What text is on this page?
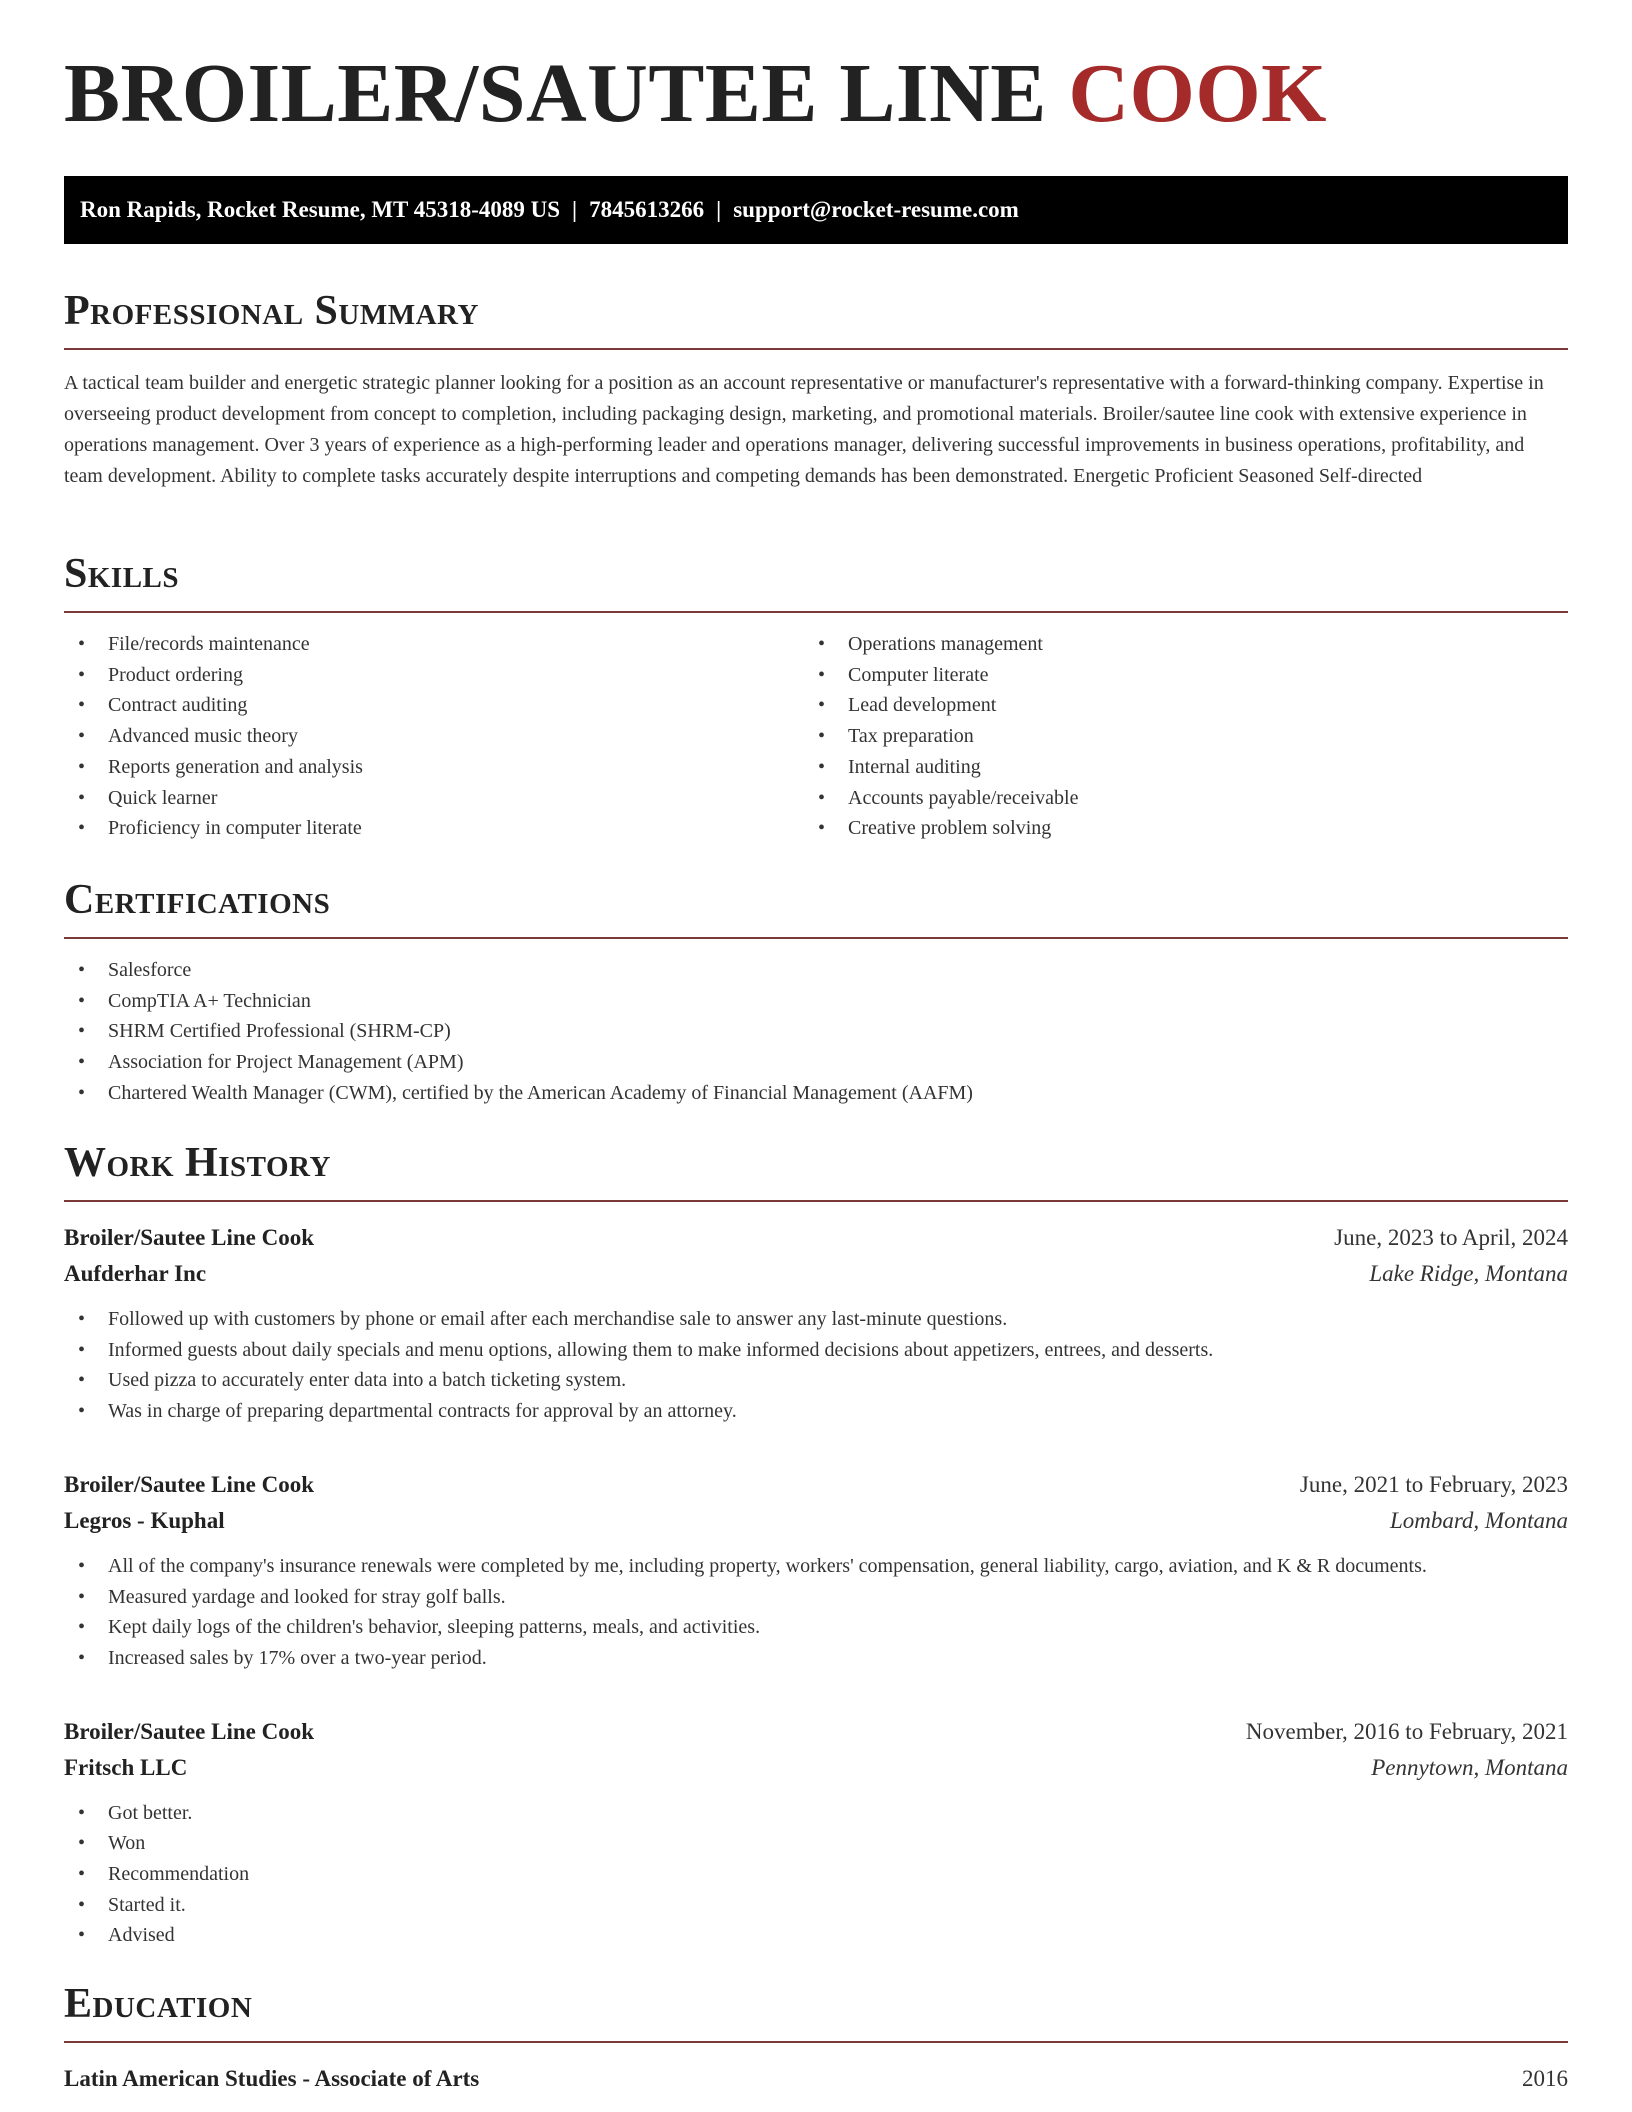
BROILER/SAUTEE LINE COOK
Ron Rapids, Rocket Resume, MT 45318-4089 US | 7845613266 | support@rocket-resume.com
Professional Summary

A tactical team builder and energetic strategic planner looking for a position as an account representative or manufacturer's representative with a forward-thinking company. Expertise in overseeing product development from concept to completion, including packaging design, marketing, and promotional materials. Broiler/sautee line cook with extensive experience in operations management. Over 3 years of experience as a high-performing leader and operations manager, delivering successful improvements in business operations, profitability, and team development. Ability to complete tasks accurately despite interruptions and competing demands has been demonstrated. Energetic Proficient Seasoned Self-directed

Skills
• File/records maintenance
• Product ordering
• Contract auditing
• Advanced music theory
• Reports generation and analysis
• Quick learner
• Proficiency in computer literate
• Operations management
• Computer literate
• Lead development
• Tax preparation
• Internal auditing
• Accounts payable/receivable
• Creative problem solving
Certifications
• Salesforce
• CompTIA A+ Technician
• SHRM Certified Professional (SHRM-CP)
• Association for Project Management (APM)
• Chartered Wealth Manager (CWM), certified by the American Academy of Financial Management (AAFM)
Work History
Broiler/Sautee Line Cook	June, 2023 to April, 2024
Aufderhar Inc	Lake Ridge, Montana
• Followed up with customers by phone or email after each merchandise sale to answer any last-minute questions.
• Informed guests about daily specials and menu options, allowing them to make informed decisions about appetizers, entrees, and desserts.
• Used pizza to accurately enter data into a batch ticketing system.
• Was in charge of preparing departmental contracts for approval by an attorney.
Broiler/Sautee Line Cook	June, 2021 to February, 2023
Legros - Kuphal	Lombard, Montana
• All of the company's insurance renewals were completed by me, including property, workers' compensation, general liability, cargo, aviation, and K & R documents.
• Measured yardage and looked for stray golf balls.
• Kept daily logs of the children's behavior, sleeping patterns, meals, and activities.
• Increased sales by 17% over a two-year period.
Broiler/Sautee Line Cook	November, 2016 to February, 2021
Fritsch LLC	Pennytown, Montana
• Got better.
• Won
• Recommendation
• Started it.
• Advised
Education
Latin American Studies - Associate of Arts	2016
